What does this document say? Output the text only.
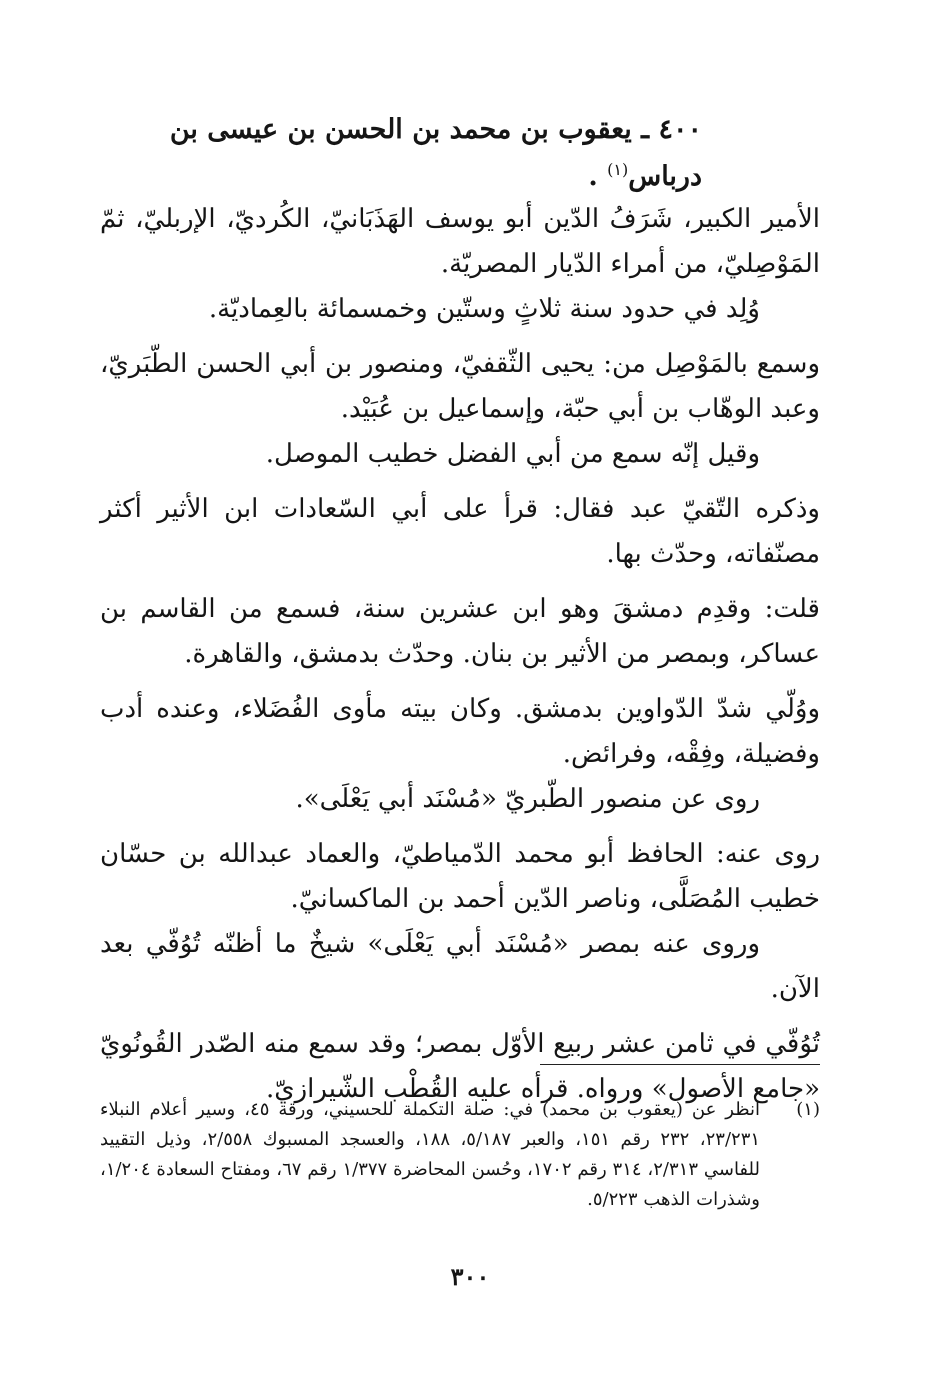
٤٠٠ ـ يعقوب بن محمد بن الحسن بن عيسى بن درباس$^{(١)}$ .

الأمير الكبير، شَرَفُ الدّين أبو يوسف الهَذَبَانيّ، الكُرديّ، الإربليّ، ثمّ المَوْصِليّ، من أمراء الدّيار المصريّة.

وُلِد في حدود سنة ثلاثٍ وستّين وخمسمائة بالعِماديّة.

وسمع بالمَوْصِل من: يحيى الثّقفيّ، ومنصور بن أبي الحسن الطّبَريّ، وعبد الوهّاب بن أبي حبّة، وإسماعيل بن عُبَيْد.

وقيل إنّه سمع من أبي الفضل خطيب الموصل.

وذكره التّقيّ عبد فقال: قرأ على أبي السّعادات ابن الأثير أكثر مصنّفاته، وحدّث بها.

قلت: وقدِم دمشقَ وهو ابن عشرين سنة، فسمع من القاسم بن عساكر، وبمصر من الأثير بن بنان. وحدّث بدمشق، والقاهرة.

ووُلّي شدّ الدّواوين بدمشق. وكان بيته مأوى الفُضَلاء، وعنده أدب وفضيلة، وفِقْه، وفرائض.

روى عن منصور الطّبريّ «مُسْنَد أبي يَعْلَى».

روى عنه: الحافظ أبو محمد الدّمياطيّ، والعماد عبدالله بن حسّان خطيب المُصَلَّى، وناصر الدّين أحمد بن الماكسانيّ.

وروى عنه بمصر «مُسْنَد أبي يَعْلَى» شيخٌ ما أظنّه تُوُفّي بعد الآن.

تُوُفّي في ثامن عشر ربيع الأوّل بمصر؛ وقد سمع منه الصّدر القُونُويّ «جامع الأصول» ورواه. قرأه عليه القُطْب الشّيرازيّ.

(١)
انظر عن (يعقوب بن محمد) في: صلة التكملة للحسيني، ورقة ٤٥، وسير أعلام النبلاء ٢٣/٢٣١، ٢٣٢ رقم ١٥١، والعبر ٥/١٨٧، ١٨٨، والعسجد المسبوك ٢/٥٥٨، وذيل التقييد للفاسي ٢/٣١٣، ٣١٤ رقم ١٧٠٢، وحُسن المحاضرة ١/٣٧٧ رقم ٦٧، ومفتاح السعادة ١/٢٠٤، وشذرات الذهب ٥/٢٢٣.
٣٠٠
